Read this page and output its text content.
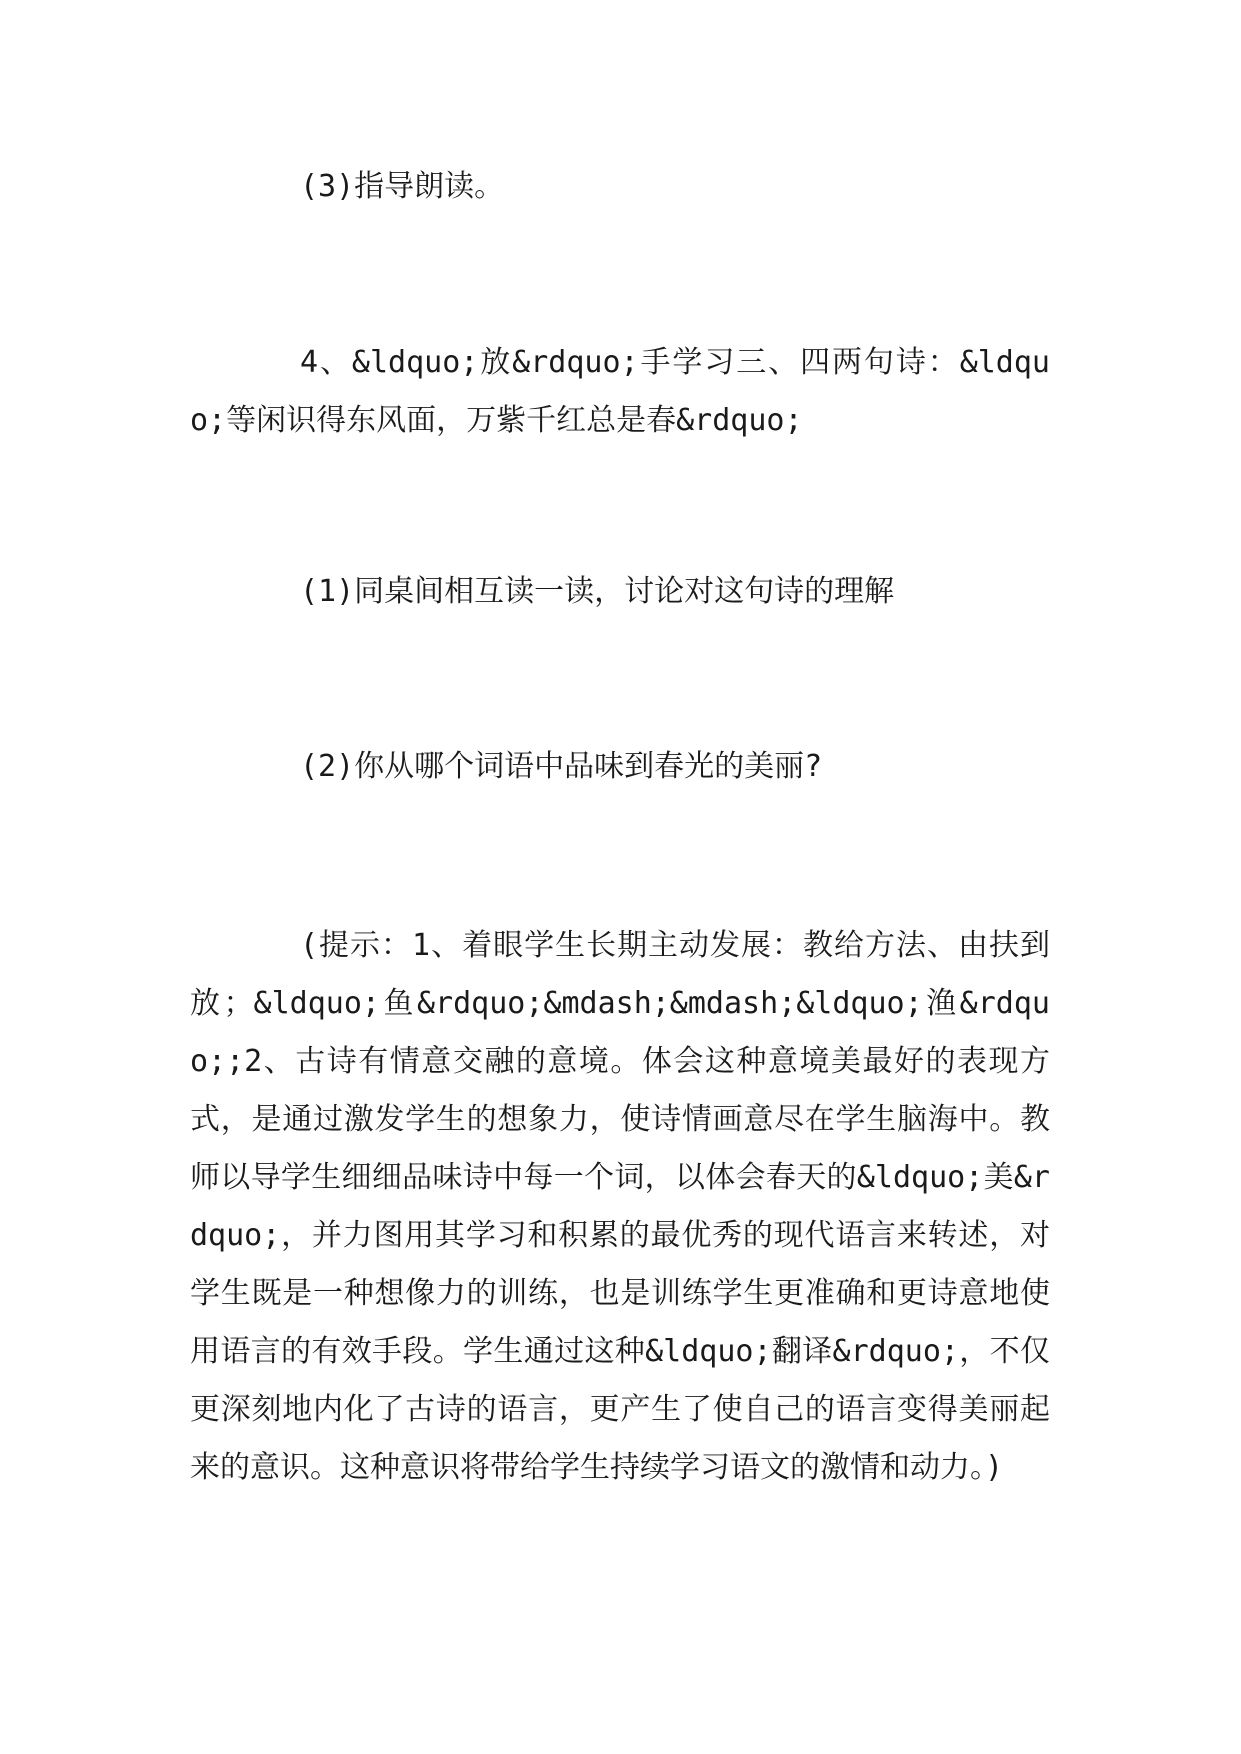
(3)指导朗读。

4、&ldquo;放&rdquo;手学习三、四两句诗：&ldquo;等闲识得东风面，万紫千红总是春&rdquo;

(1)同桌间相互读一读，讨论对这句诗的理解

(2)你从哪个词语中品味到春光的美丽?

(提示：1、着眼学生长期主动发展：教给方法、由扶到放；&ldquo;鱼&rdquo;&mdash;&mdash;&ldquo;渔&rdquo;;2、古诗有情意交融的意境。体会这种意境美最好的表现方式，是通过激发学生的想象力，使诗情画意尽在学生脑海中。教师以导学生细细品味诗中每一个词，以体会春天的&ldquo;美&rdquo;，并力图用其学习和积累的最优秀的现代语言来转述，对学生既是一种想像力的训练，也是训练学生更准确和更诗意地使用语言的有效手段。学生通过这种&ldquo;翻译&rdquo;，不仅更深刻地内化了古诗的语言，更产生了使自己的语言变得美丽起来的意识。这种意识将带给学生持续学习语文的激情和动力。)
